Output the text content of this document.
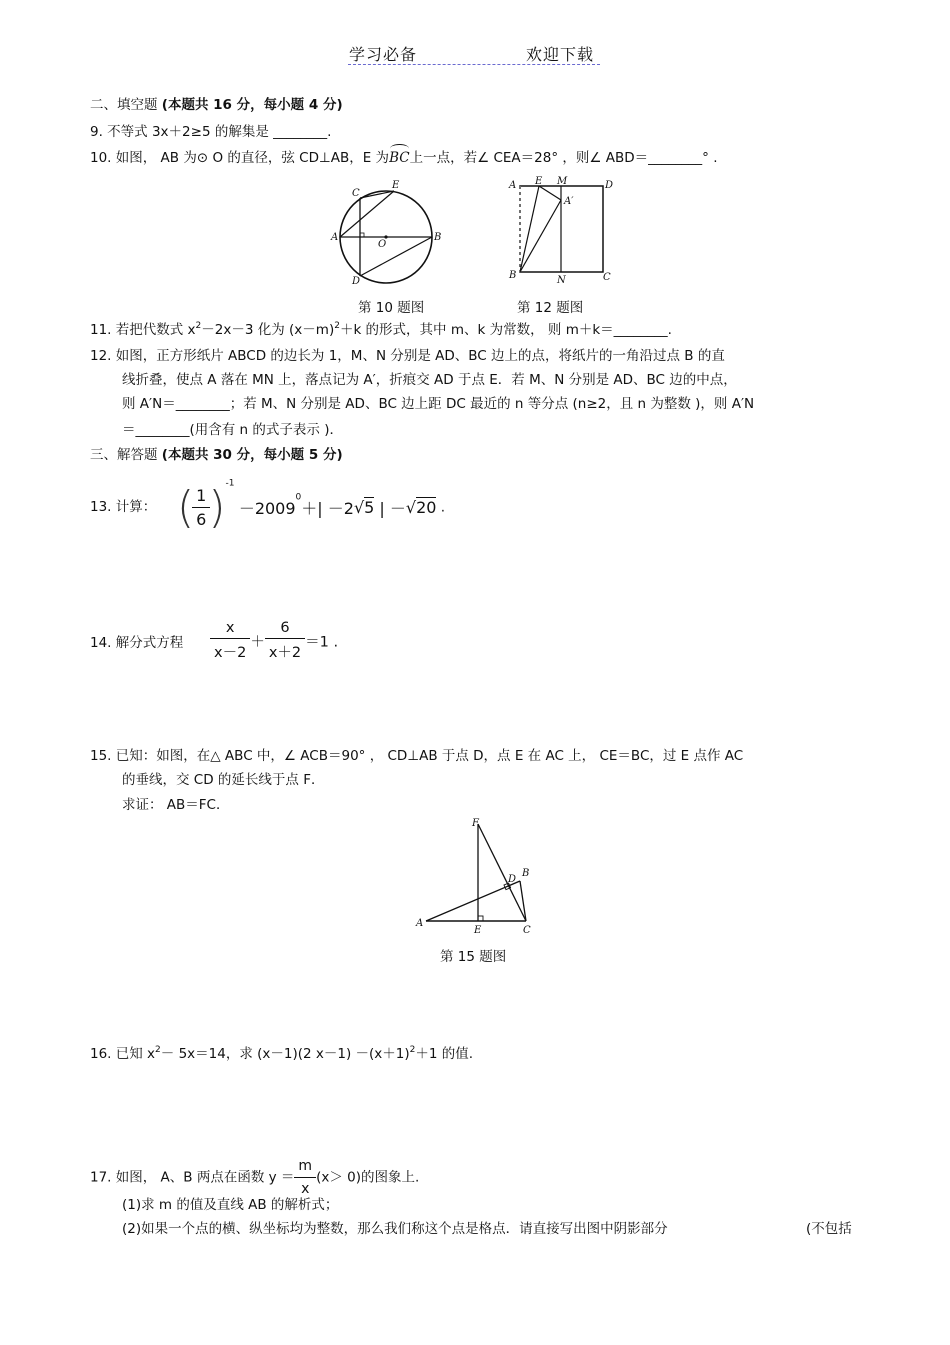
学习必备	欢迎下载
二、填空题 (本题共 16 分，每小题 4 分)
9. 不等式 3x＋2≥5 的解集是 ________.
10. 如图， AB 为⊙ O 的直径，弦 CD⊥AB，E 为BC上一点，若∠ CEA＝28° ，则∠ ABD＝________° .
C
E
A
O
B
D
A E M	D
A′
B	N	C
第 10 题图	第 12 题图
11. 若把代数式 $x^2-2x-3$ 化为 $(x-m)^2+k$ 的形式，其中 m、k 为常数， 则 m＋k＝________.
12. 如图，正方形纸片 ABCD 的边长为 1，M、N 分别是 AD、BC 边上的点，将纸片的一角沿过点 B 的直
线折叠，使点 A 落在 MN 上，落点记为 A′，折痕交 AD 于点 E．若 M、N 分别是 AD、BC 边的中点，
则 A′N＝________；若 M、N 分别是 AD、BC 边上距 DC 最近的 n 等分点 (n≥2，且 n 为整数 )，则 A′N
＝________(用含有 n 的式子表示 )．
三、解答题 (本题共 30 分，每小题 5 分)
13. 计算： (
$\frac{1}{6}$
)$^{-1} -2009^0+| -2√5$ | －√20 .
14. 解分式方程 $\frac{x}{x-2} + \frac{6}{x+2} =1$ .
15. 已知：如图，在△ ABC 中，∠ ACB＝90° ， CD⊥AB 于点 D，点 E 在 AC 上， CE＝BC，过 E 点作 AC
的垂线，交 CD 的延长线于点 F．
求证： AB＝FC．
F
D
B
A
E	C
第 15 题图
16. 已知 $x^2- 5x=14$，求 (x－1)(2 $x-1) -(x+1)^2+1$ 的值.
17. 如图， A、B 两点在函数 $y = \frac{m}{x} (x> 0)$的图象上.
(1)求 m 的值及直线 AB 的解析式；
(2)如果一个点的横、纵坐标均为整数，那么我们称这个点是格点．请直接写出图中阴影部分	(不包括
